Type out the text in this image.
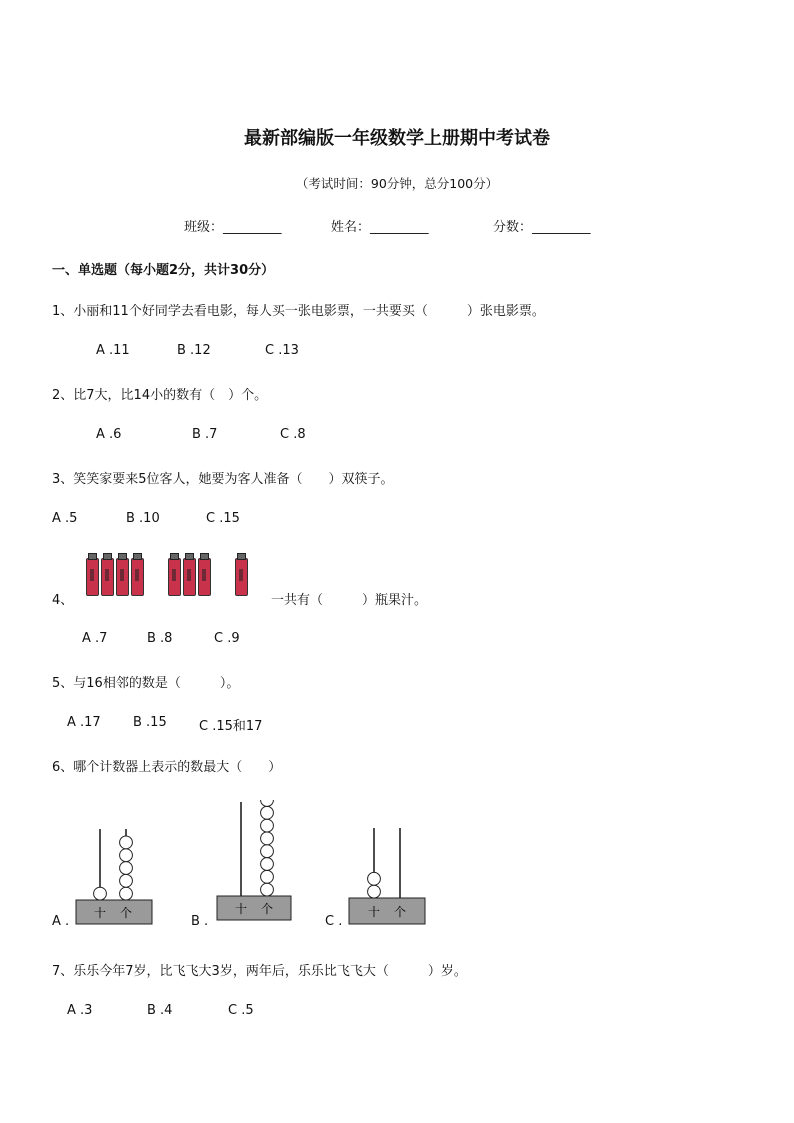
最新部编版一年级数学上册期中考试卷
（考试时间：90分钟，总分100分）
班级：_________	姓名：_________	分数：_________
一、单选题（每小题2分，共计30分）
1、小丽和11个好同学去看电影，每人买一张电影票，一共要买（　　　）张电影票。
A .11	B .12	C .13
2、比7大，比14小的数有（　）个。
A .6	B .7	C .8
3、笑笑家要来5位客人，她要为客人准备（　　）双筷子。
A .5	B .10	C .15
4、	一共有（　　　）瓶果汁。
A .7	B .8	C .9
5、与16相邻的数是（　　　）。
A .17 B .15 C .15和17
6、哪个计数器上表示的数最大（　　）
A .
十 个
B .
十 个
C .
十 个
7、乐乐今年7岁，比飞飞大3岁，两年后，乐乐比飞飞大（　　　）岁。
A .3	B .4	C .5
